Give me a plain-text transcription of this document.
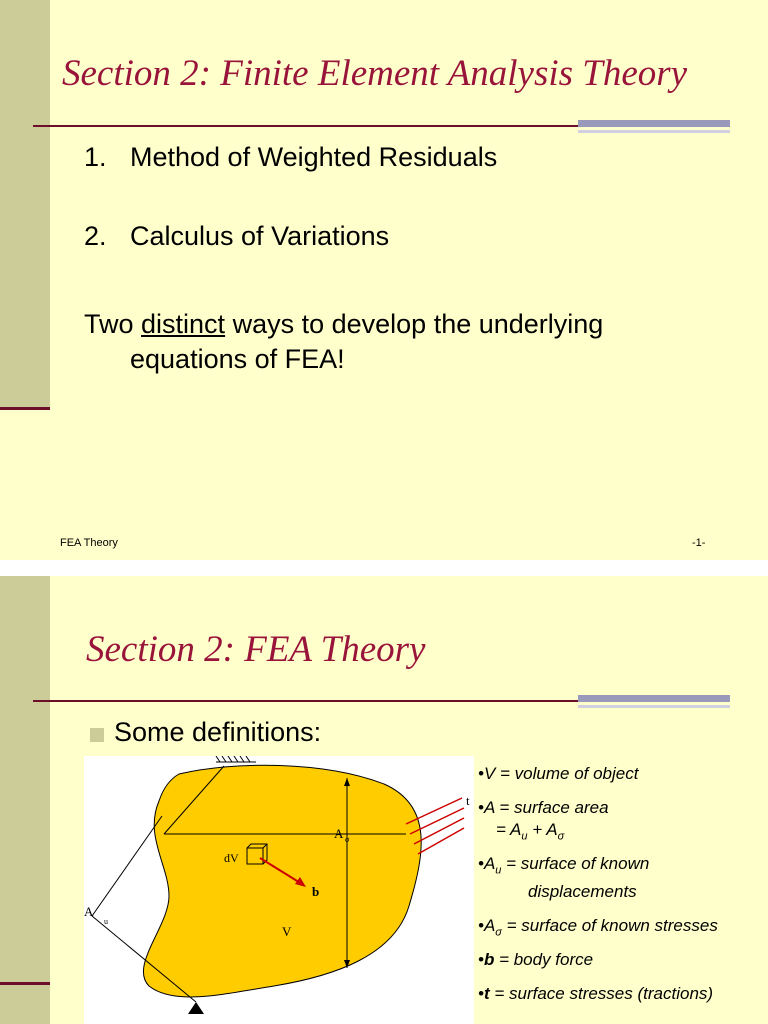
Section 2: Finite Element Analysis Theory
1. Method of Weighted Residuals
2. Calculus of Variations
Two distinct ways to develop the underlying
equations of FEA!
FEA Theory	-1-
Section 2: FEA Theory
Some definitions:
t
A σ
dV
b
A
u
V
•V = volume of object
•A = surface area
= $A_u + A_\sigma$
$•A_u$ = surface of known
displacements
$•A_\sigma$ = surface of known stresses
•b = body force
•t = surface stresses (tractions)
